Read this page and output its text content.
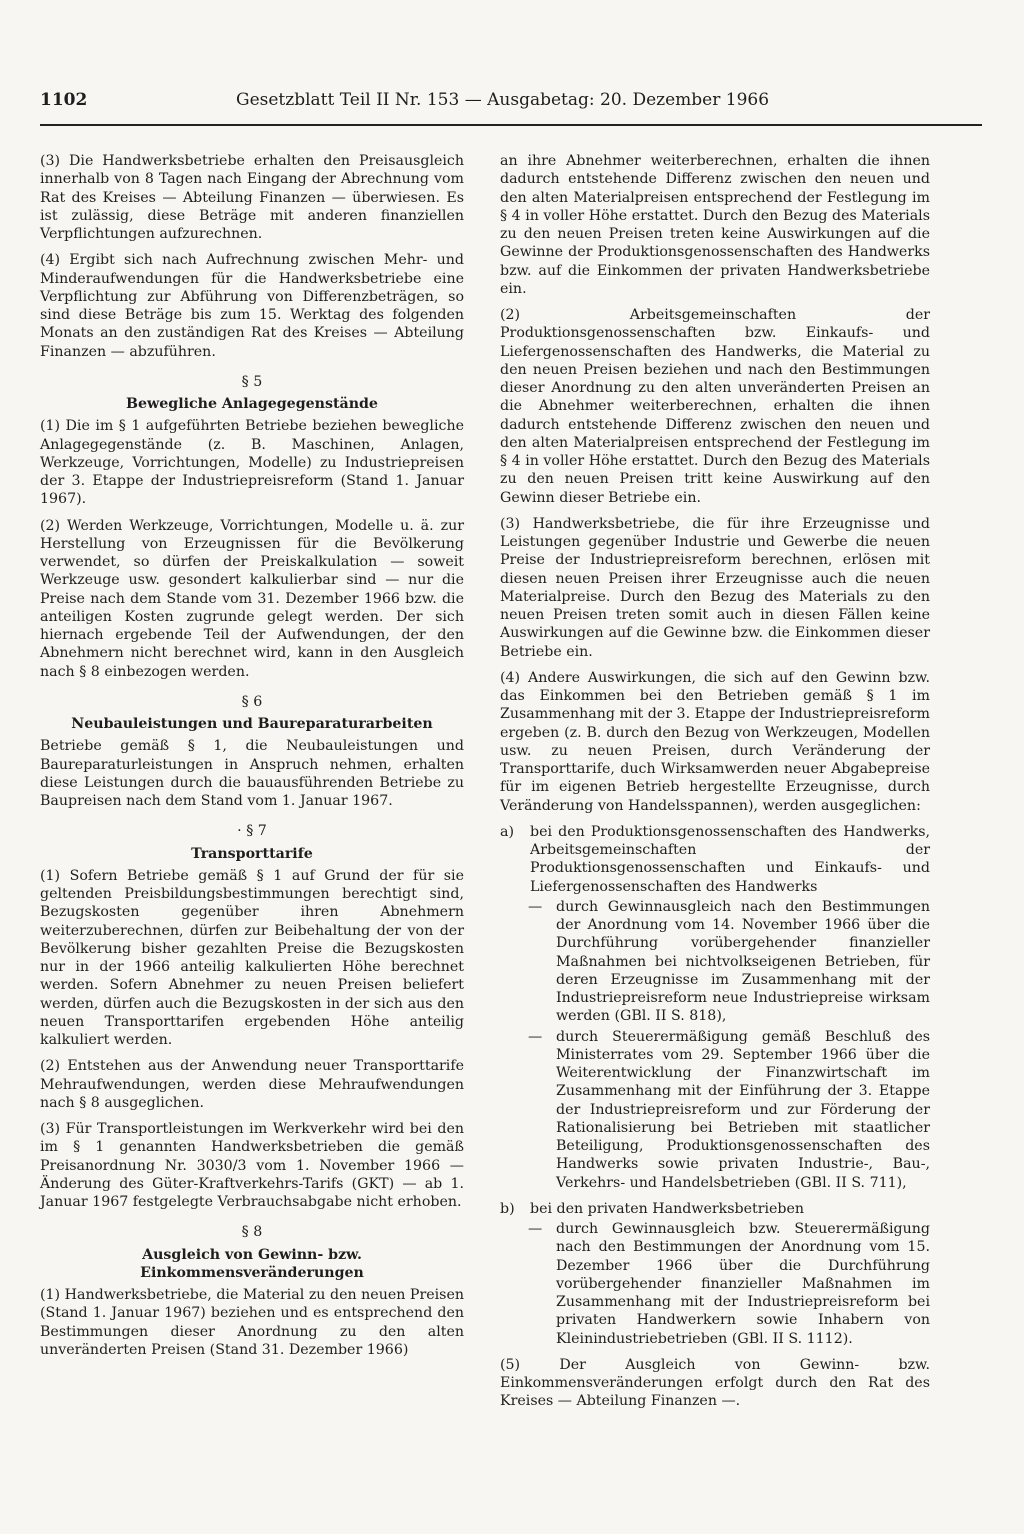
1102	Gesetzblatt Teil II Nr. 153 — Ausgabetag: 20. Dezember 1966

(3) Die Handwerksbetriebe erhalten den Preisausgleich innerhalb von 8 Tagen nach Eingang der Abrechnung vom Rat des Kreises — Abteilung Finanzen — überwiesen. Es ist zulässig, diese Beträge mit anderen finanziellen Verpflichtungen aufzurechnen.

(4) Ergibt sich nach Aufrechnung zwischen Mehr- und Minderaufwendungen für die Handwerksbetriebe eine Verpflichtung zur Abführung von Differenzbeträgen, so sind diese Beträge bis zum 15. Werktag des folgenden Monats an den zuständigen Rat des Kreises — Abteilung Finanzen — abzuführen.

§ 5

Bewegliche Anlagegegenstände

(1) Die im § 1 aufgeführten Betriebe beziehen bewegliche Anlagegegenstände (z. B. Maschinen, Anlagen, Werkzeuge, Vorrichtungen, Modelle) zu Industriepreisen der 3. Etappe der Industriepreisreform (Stand 1. Januar 1967).

(2) Werden Werkzeuge, Vorrichtungen, Modelle u. ä. zur Herstellung von Erzeugnissen für die Bevölkerung verwendet, so dürfen der Preiskalkulation — soweit Werkzeuge usw. gesondert kalkulierbar sind — nur die Preise nach dem Stande vom 31. Dezember 1966 bzw. die anteiligen Kosten zugrunde gelegt werden. Der sich hiernach ergebende Teil der Aufwendungen, der den Abnehmern nicht berechnet wird, kann in den Ausgleich nach § 8 einbezogen werden.

§ 6

Neubauleistungen und Baureparaturarbeiten

Betriebe gemäß § 1, die Neubauleistungen und Baureparaturleistungen in Anspruch nehmen, erhalten diese Leistungen durch die bauausführenden Betriebe zu Baupreisen nach dem Stand vom 1. Januar 1967.

· § 7

Transporttarife

(1) Sofern Betriebe gemäß § 1 auf Grund der für sie geltenden Preisbildungsbestimmungen berechtigt sind, Bezugskosten gegenüber ihren Abnehmern weiterzuberechnen, dürfen zur Beibehaltung der von der Bevölkerung bisher gezahlten Preise die Bezugskosten nur in der 1966 anteilig kalkulierten Höhe berechnet werden. Sofern Abnehmer zu neuen Preisen beliefert werden, dürfen auch die Bezugskosten in der sich aus den neuen Transporttarifen ergebenden Höhe anteilig kalkuliert werden.

(2) Entstehen aus der Anwendung neuer Transporttarife Mehraufwendungen, werden diese Mehraufwendungen nach § 8 ausgeglichen.

(3) Für Transportleistungen im Werkverkehr wird bei den im § 1 genannten Handwerksbetrieben die gemäß Preisanordnung Nr. 3030/3 vom 1. November 1966 — Änderung des Güter-Kraftverkehrs-Tarifs (GKT) — ab 1. Januar 1967 festgelegte Verbrauchsabgabe nicht erhoben.

§ 8

Ausgleich von Gewinn- bzw.

Einkommensveränderungen

(1) Handwerksbetriebe, die Material zu den neuen Preisen (Stand 1. Januar 1967) beziehen und es entsprechend den Bestimmungen dieser Anordnung zu den alten unveränderten Preisen (Stand 31. Dezember 1966)

an ihre Abnehmer weiterberechnen, erhalten die ihnen dadurch entstehende Differenz zwischen den neuen und den alten Materialpreisen entsprechend der Festlegung im § 4 in voller Höhe erstattet. Durch den Bezug des Materials zu den neuen Preisen treten keine Auswirkungen auf die Gewinne der Produktionsgenossenschaften des Handwerks bzw. auf die Einkommen der privaten Handwerksbetriebe ein.

(2) Arbeitsgemeinschaften der Produktionsgenossenschaften bzw. Einkaufs- und Liefergenossenschaften des Handwerks, die Material zu den neuen Preisen beziehen und nach den Bestimmungen dieser Anordnung zu den alten unveränderten Preisen an die Abnehmer weiterberechnen, erhalten die ihnen dadurch entstehende Differenz zwischen den neuen und den alten Materialpreisen entsprechend der Festlegung im § 4 in voller Höhe erstattet. Durch den Bezug des Materials zu den neuen Preisen tritt keine Auswirkung auf den Gewinn dieser Betriebe ein.

(3) Handwerksbetriebe, die für ihre Erzeugnisse und Leistungen gegenüber Industrie und Gewerbe die neuen Preise der Industriepreisreform berechnen, erlösen mit diesen neuen Preisen ihrer Erzeugnisse auch die neuen Materialpreise. Durch den Bezug des Materials zu den neuen Preisen treten somit auch in diesen Fällen keine Auswirkungen auf die Gewinne bzw. die Einkommen dieser Betriebe ein.

(4) Andere Auswirkungen, die sich auf den Gewinn bzw. das Einkommen bei den Betrieben gemäß § 1 im Zusammenhang mit der 3. Etappe der Industriepreisreform ergeben (z. B. durch den Bezug von Werkzeugen, Modellen usw. zu neuen Preisen, durch Veränderung der Transporttarife, duch Wirksamwerden neuer Abgabepreise für im eigenen Betrieb hergestellte Erzeugnisse, durch Veränderung von Handelsspannen), werden ausgeglichen:

a)	bei den Produktionsgenossenschaften des Handwerks, Arbeitsgemeinschaften der Produktionsgenossenschaften und Einkaufs- und Liefergenossenschaften des Handwerks
— durch Gewinnausgleich nach den Bestimmungen der Anordnung vom 14. November 1966 über die Durchführung vorübergehender finanzieller Maßnahmen bei nichtvolkseigenen Betrieben, für deren Erzeugnisse im Zusammenhang mit der Industriepreisreform neue Industriepreise wirksam werden (GBl. II S. 818),
— durch Steuerermäßigung gemäß Beschluß des Ministerrates vom 29. September 1966 über die Weiterentwicklung der Finanzwirtschaft im Zusammenhang mit der Einführung der 3. Etappe der Industriepreisreform und zur Förderung der Rationalisierung bei Betrieben mit staatlicher Beteiligung, Produktionsgenossenschaften des Handwerks sowie privaten Industrie-, Bau-, Verkehrs- und Handelsbetrieben (GBl. II S. 711),
b)	bei den privaten Handwerksbetrieben
— durch Gewinnausgleich bzw. Steuerermäßigung nach den Bestimmungen der Anordnung vom 15. Dezember 1966 über die Durchführung vorübergehender finanzieller Maßnahmen im Zusammenhang mit der Industriepreisreform bei privaten Handwerkern sowie Inhabern von Kleinindustriebetrieben (GBl. II S. 1112).

(5) Der Ausgleich von Gewinn- bzw. Einkommensveränderungen erfolgt durch den Rat des Kreises — Abteilung Finanzen —.
